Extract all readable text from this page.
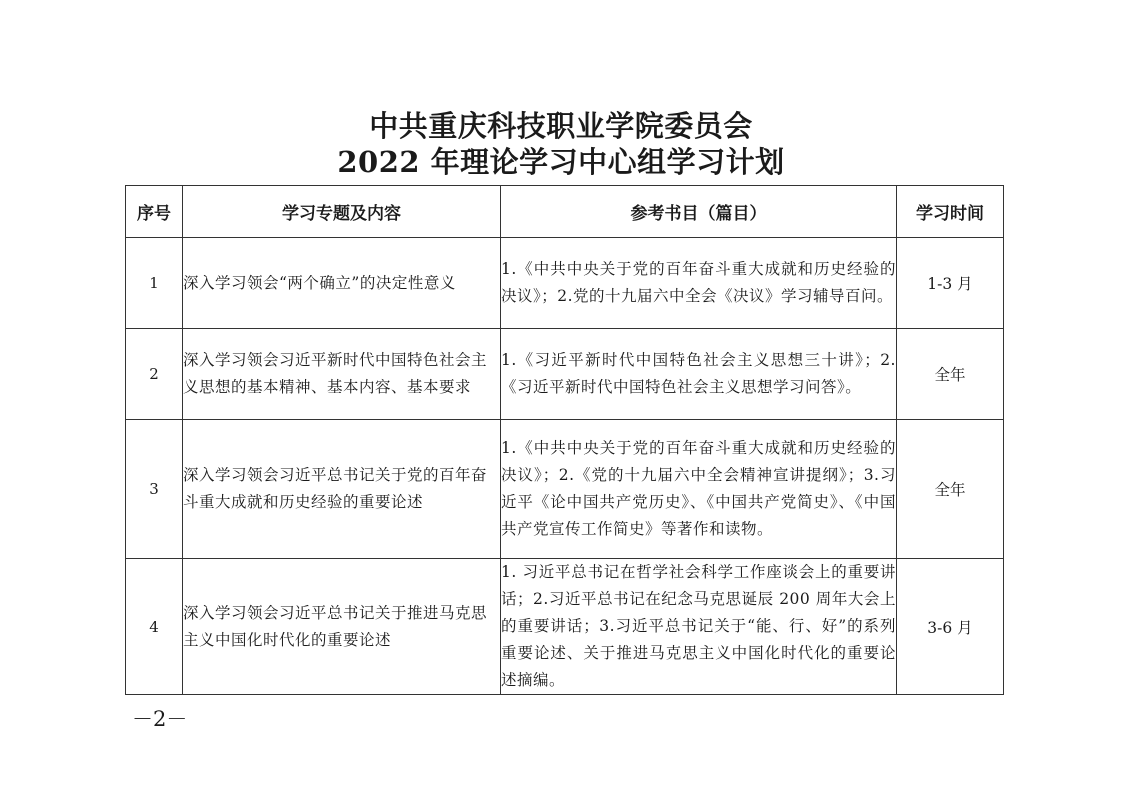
中共重庆科技职业学院委员会
2022 年理论学习中心组学习计划
序号	学习专题及内容	参考书目（篇目）	学习时间
1	深入学习领会“两个确立”的决定性意义	1.《中共中央关于党的百年奋斗重大成就和历史经验的决议》；2.党的十九届六中全会《决议》学习辅导百问。	1-3 月
2	深入学习领会习近平新时代中国特色社会主义思想的基本精神、基本内容、基本要求	1.《习近平新时代中国特色社会主义思想三十讲》；2.《习近平新时代中国特色社会主义思想学习问答》。	全年
3	深入学习领会习近平总书记关于党的百年奋斗重大成就和历史经验的重要论述	1.《中共中央关于党的百年奋斗重大成就和历史经验的决议》；2.《党的十九届六中全会精神宣讲提纲》；3.习近平《论中国共产党历史》、《中国共产党简史》、《中国共产党宣传工作简史》等著作和读物。	全年
4	深入学习领会习近平总书记关于推进马克思主义中国化时代化的重要论述	1. 习近平总书记在哲学社会科学工作座谈会上的重要讲话；2.习近平总书记在纪念马克思诞辰 200 周年大会上的重要讲话；3.习近平总书记关于“能、行、好”的系列重要论述、关于推进马克思主义中国化时代化的重要论述摘编。	3-6 月
－2－
